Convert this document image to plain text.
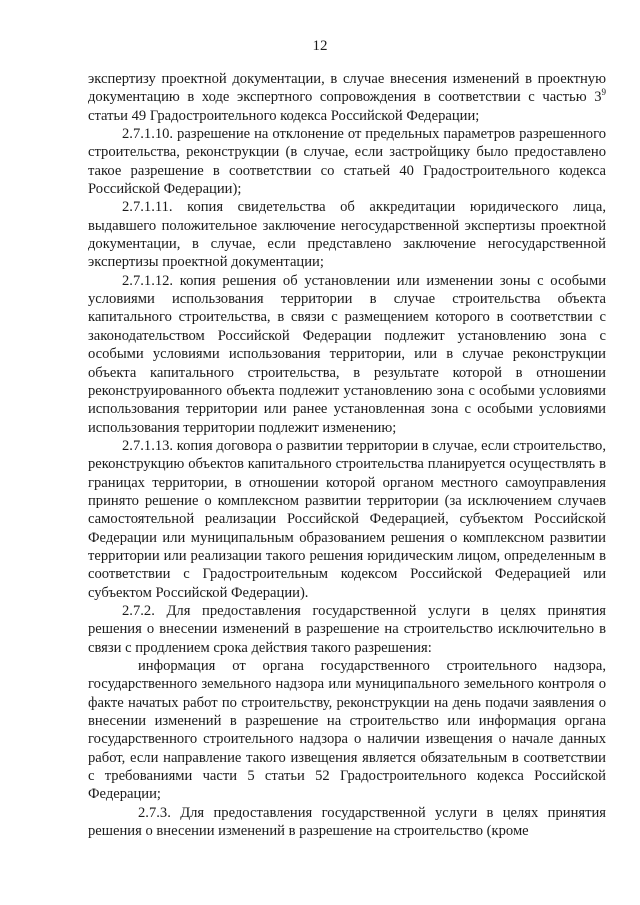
12

экспертизу проектной документации, в случае внесения изменений в проектную документацию в ходе экспертного сопровождения в соответствии с частью $3^9$ статьи 49 Градостроительного кодекса Российской Федерации;

2.7.1.10. разрешение на отклонение от предельных параметров разрешенного строительства, реконструкции (в случае, если застройщику было предоставлено такое разрешение в соответствии со статьей 40 Градостроительного кодекса Российской Федерации);

2.7.1.11. копия свидетельства об аккредитации юридического лица, выдавшего положительное заключение негосударственной экспертизы проектной документации, в случае, если представлено заключение негосударственной экспертизы проектной документации;

2.7.1.12. копия решения об установлении или изменении зоны с особыми условиями использования территории в случае строительства объекта капитального строительства, в связи с размещением которого в соответствии с законодательством Российской Федерации подлежит установлению зона с особыми условиями использования территории, или в случае реконструкции объекта капитального строительства, в результате которой в отношении реконструированного объекта подлежит установлению зона с особыми условиями использования территории или ранее установленная зона с особыми условиями использования территории подлежит изменению;

2.7.1.13. копия договора о развитии территории в случае, если строительство, реконструкцию объектов капитального строительства планируется осуществлять в границах территории, в отношении которой органом местного самоуправления принято решение о комплексном развитии территории (за исключением случаев самостоятельной реализации Российской Федерацией, субъектом Российской Федерации или муниципальным образованием решения о комплексном развитии территории или реализации такого решения юридическим лицом, определенным в соответствии с Градостроительным кодексом Российской Федерацией или субъектом Российской Федерации).

2.7.2. Для предоставления государственной услуги в целях принятия решения о внесении изменений в разрешение на строительство исключительно в связи с продлением срока действия такого разрешения:

информация от органа государственного строительного надзора, государственного земельного надзора или муниципального земельного контроля о факте начатых работ по строительству, реконструкции на день подачи заявления о внесении изменений в разрешение на строительство или информация органа государственного строительного надзора о наличии извещения о начале данных работ, если направление такого извещения является обязательным в соответствии с требованиями части 5 статьи 52 Градостроительного кодекса Российской Федерации;

2.7.3. Для предоставления государственной услуги в целях принятия решения о внесении изменений в разрешение на строительство (кроме
